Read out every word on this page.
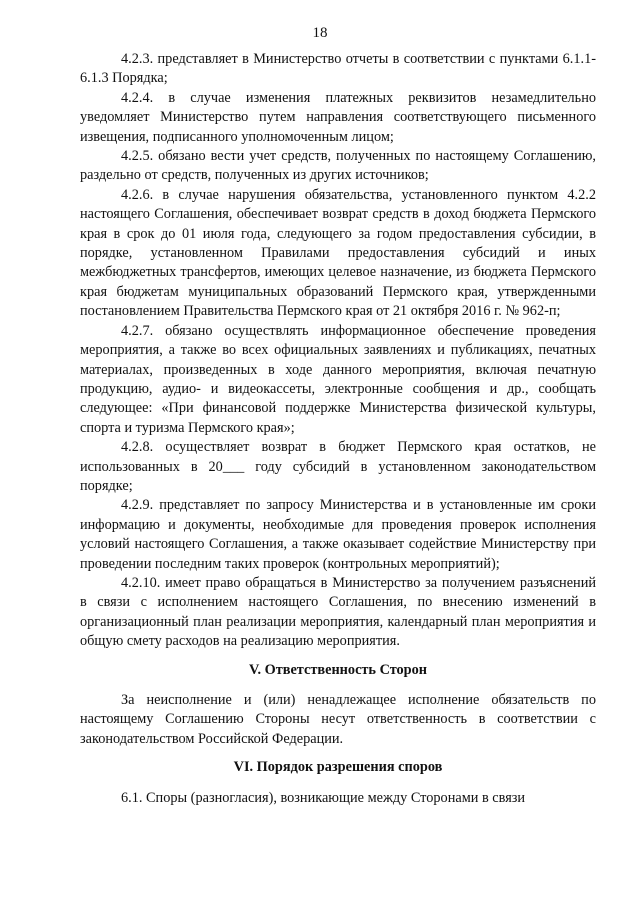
18

4.2.3. представляет в Министерство отчеты в соответствии с пунктами 6.1.1-6.1.3 Порядка;

4.2.4. в случае изменения платежных реквизитов незамедлительно уведомляет Министерство путем направления соответствующего письменного извещения, подписанного уполномоченным лицом;

4.2.5. обязано вести учет средств, полученных по настоящему Соглашению, раздельно от средств, полученных из других источников;

4.2.6. в случае нарушения обязательства, установленного пунктом 4.2.2 настоящего Соглашения, обеспечивает возврат средств в доход бюджета Пермского края в срок до 01 июля года, следующего за годом предоставления субсидии, в порядке, установленном Правилами предоставления субсидий и иных межбюджетных трансфертов, имеющих целевое назначение, из бюджета Пермского края бюджетам муниципальных образований Пермского края, утвержденными постановлением Правительства Пермского края от 21 октября 2016 г. № 962-п;

4.2.7. обязано осуществлять информационное обеспечение проведения мероприятия, а также во всех официальных заявлениях и публикациях, печатных материалах, произведенных в ходе данного мероприятия, включая печатную продукцию, аудио- и видеокассеты, электронные сообщения и др., сообщать следующее: «При финансовой поддержке Министерства физической культуры, спорта и туризма Пермского края»;

4.2.8. осуществляет возврат в бюджет Пермского края остатков, не использованных в 20___ году субсидий в установленном законодательством порядке;

4.2.9. представляет по запросу Министерства и в установленные им сроки информацию и документы, необходимые для проведения проверок исполнения условий настоящего Соглашения, а также оказывает содействие Министерству при проведении последним таких проверок (контрольных мероприятий);

4.2.10. имеет право обращаться в Министерство за получением разъяснений в связи с исполнением настоящего Соглашения, по внесению изменений в организационный план реализации мероприятия, календарный план мероприятия и общую смету расходов на реализацию мероприятия.

V. Ответственность Сторон

За неисполнение и (или) ненадлежащее исполнение обязательств по настоящему Соглашению Стороны несут ответственность в соответствии с законодательством Российской Федерации.

VI. Порядок разрешения споров

6.1. Споры (разногласия), возникающие между Сторонами в связи
